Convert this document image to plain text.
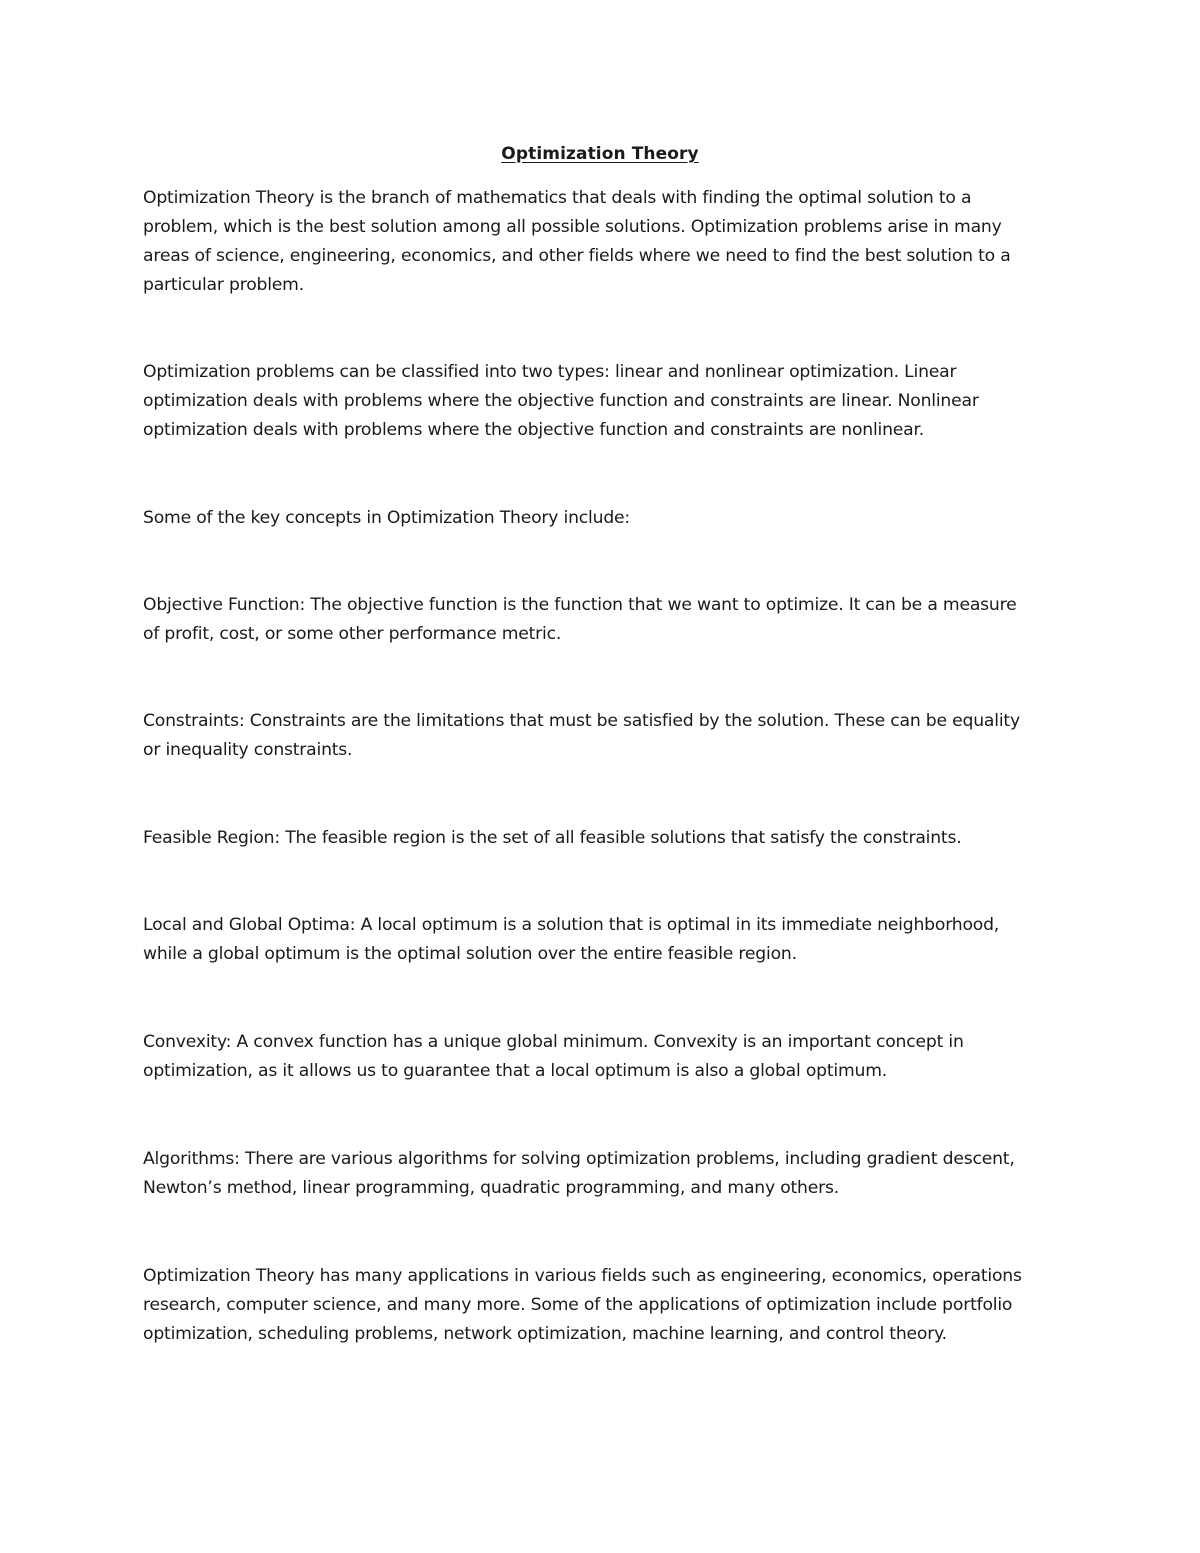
Optimization Theory

Optimization Theory is the branch of mathematics that deals with finding the optimal solution to a
problem, which is the best solution among all possible solutions. Optimization problems arise in many
areas of science, engineering, economics, and other fields where we need to find the best solution to a
particular problem.

Optimization problems can be classified into two types: linear and nonlinear optimization. Linear
optimization deals with problems where the objective function and constraints are linear. Nonlinear
optimization deals with problems where the objective function and constraints are nonlinear.

Some of the key concepts in Optimization Theory include:

Objective Function: The objective function is the function that we want to optimize. It can be a measure
of profit, cost, or some other performance metric.

Constraints: Constraints are the limitations that must be satisfied by the solution. These can be equality
or inequality constraints.

Feasible Region: The feasible region is the set of all feasible solutions that satisfy the constraints.

Local and Global Optima: A local optimum is a solution that is optimal in its immediate neighborhood,
while a global optimum is the optimal solution over the entire feasible region.

Convexity: A convex function has a unique global minimum. Convexity is an important concept in
optimization, as it allows us to guarantee that a local optimum is also a global optimum.

Algorithms: There are various algorithms for solving optimization problems, including gradient descent,
Newton’s method, linear programming, quadratic programming, and many others.

Optimization Theory has many applications in various fields such as engineering, economics, operations
research, computer science, and many more. Some of the applications of optimization include portfolio
optimization, scheduling problems, network optimization, machine learning, and control theory.
